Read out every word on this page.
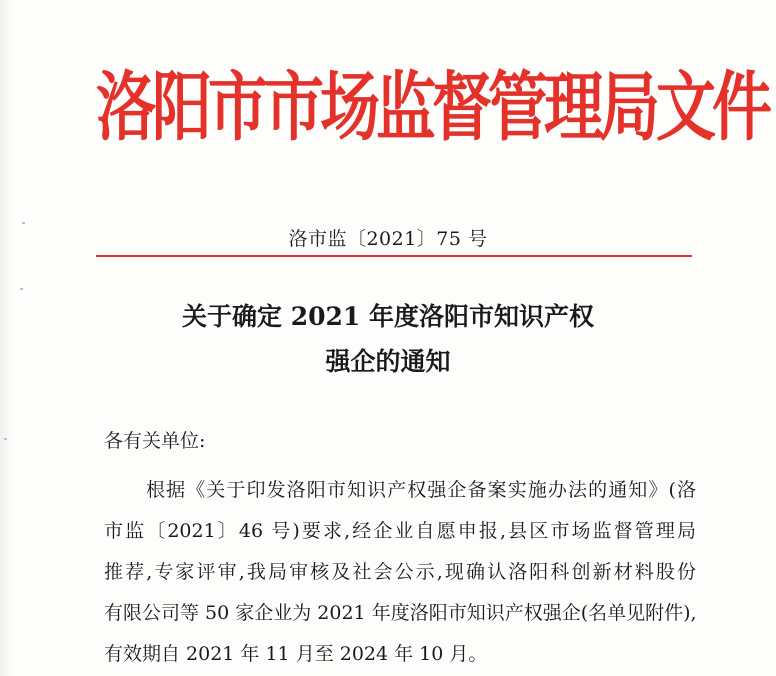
洛阳市市场监督管理局文件
洛市监〔2021〕75 号
关于确定 2021 年度洛阳市知识产权
强企的通知
各有关单位:
根据《关于印发洛阳市知识产权强企备案实施办法的通知》(洛
市监〔2021〕46 号)要求,经企业自愿申报,县区市场监督管理局
推荐,专家评审,我局审核及社会公示,现确认洛阳科创新材料股份
有限公司等 50 家企业为 2021 年度洛阳市知识产权强企(名单见附件),
有效期自 2021 年 11 月至 2024 年 10 月。
